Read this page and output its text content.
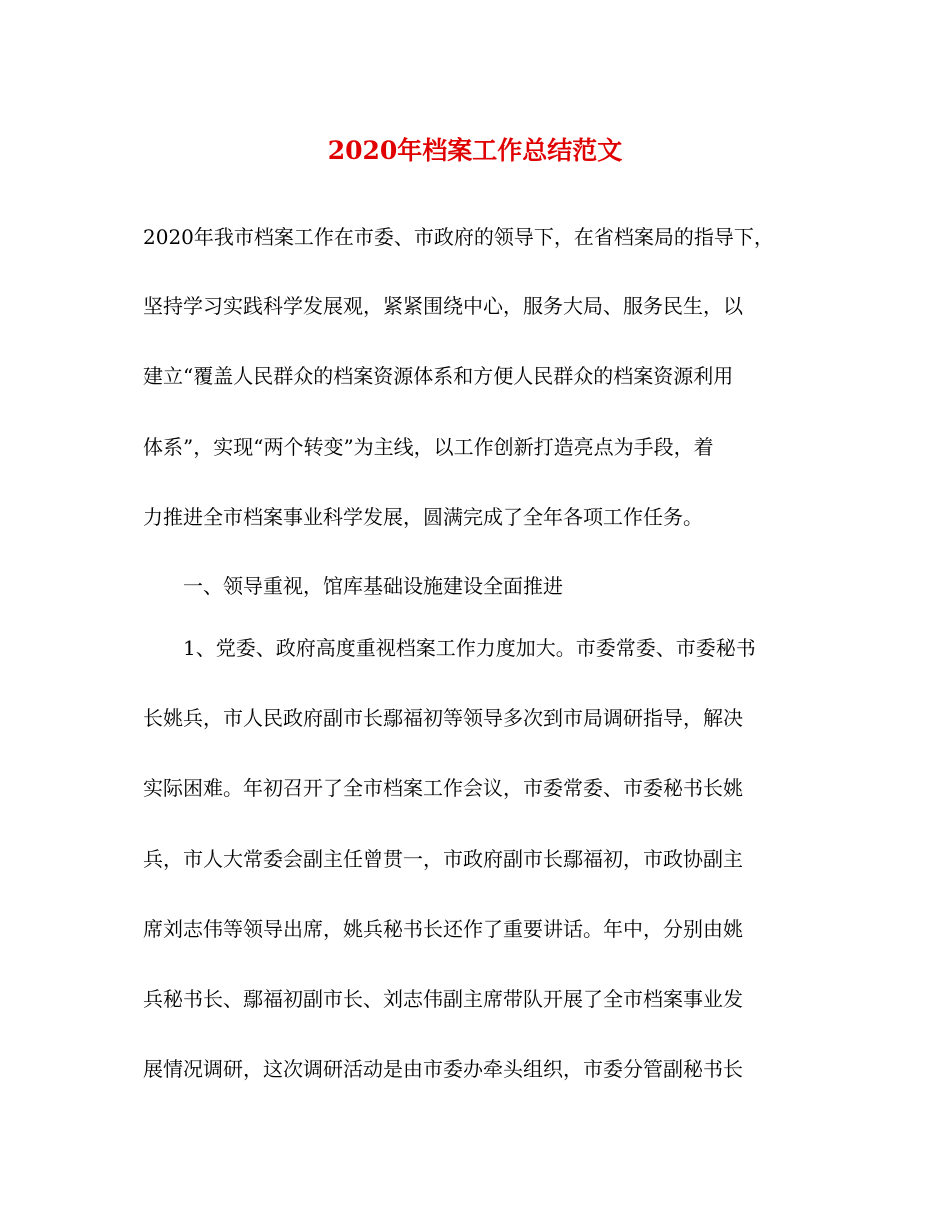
2020年档案工作总结范文

2020年我市档案工作在市委、市政府的领导下，在省档案局的指导下，

坚持学习实践科学发展观，紧紧围绕中心，服务大局、服务民生，以

建立“覆盖人民群众的档案资源体系和方便人民群众的档案资源利用

体系”，实现“两个转变”为主线，以工作创新打造亮点为手段，着

力推进全市档案事业科学发展，圆满完成了全年各项工作任务。

一、领导重视，馆库基础设施建设全面推进

1、党委、政府高度重视档案工作力度加大。市委常委、市委秘书

长姚兵，市人民政府副市长鄢福初等领导多次到市局调研指导，解决

实际困难。年初召开了全市档案工作会议，市委常委、市委秘书长姚

兵，市人大常委会副主任曾贯一，市政府副市长鄢福初，市政协副主

席刘志伟等领导出席，姚兵秘书长还作了重要讲话。年中，分别由姚

兵秘书长、鄢福初副市长、刘志伟副主席带队开展了全市档案事业发

展情况调研，这次调研活动是由市委办牵头组织，市委分管副秘书长
